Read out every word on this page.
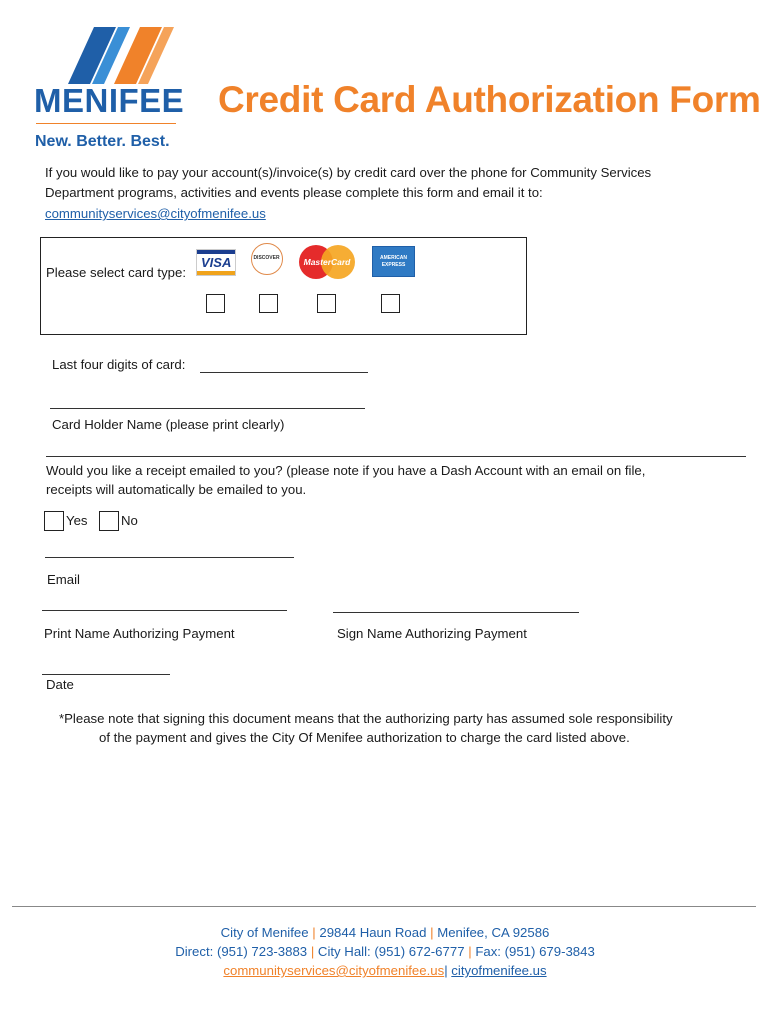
MENIFEE
New. Better. Best.
Credit Card Authorization Form
If you would like to pay your account(s)/invoice(s) by credit card over the phone for Community Services
Department programs, activities and events please complete this form and email it to:
communityservices@cityofmenifee.us
Please select card type:
VISA	DISCOVER	MasterCard	AMERICAN EXPRESS
Last four digits of card:
Card Holder Name (please print clearly)
Would you like a receipt emailed to you? (please note if you have a Dash Account with an email on file,
receipts will automatically be emailed to you.
Yes	No
Email
Print Name Authorizing Payment	Sign Name Authorizing Payment
Date
*Please note that signing this document means that the authorizing party has assumed sole responsibility
of the payment and gives the City Of Menifee authorization to charge the card listed above.
City of Menifee | 29844 Haun Road | Menifee, CA 92586
Direct: (951) 723-3883 | City Hall: (951) 672-6777 | Fax: (951) 679-3843
communityservices@cityofmenifee.us| cityofmenifee.us
